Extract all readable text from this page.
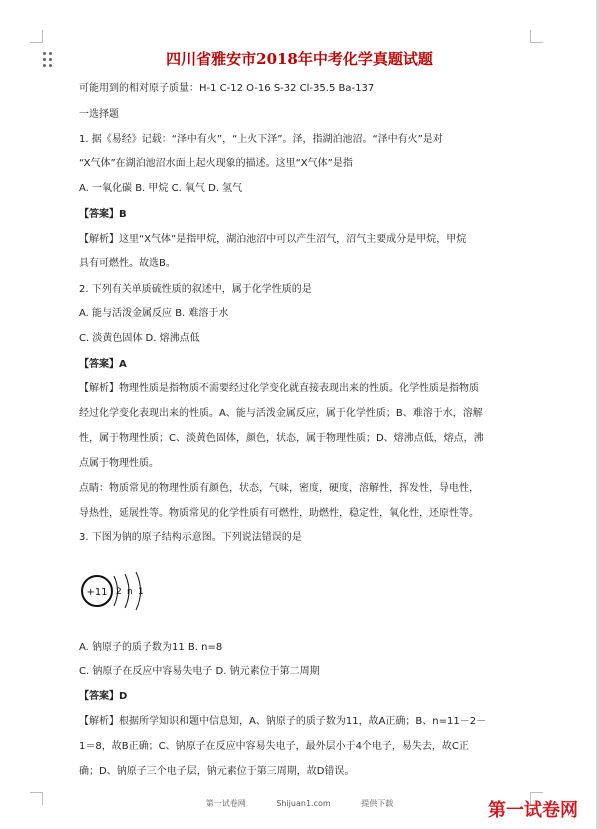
四川省雅安市2018年中考化学真题试题
可能用到的相对原子质量：H-1 C-12 O-16 S-32 Cl-35.5 Ba-137
一选择题
1. 据《易经》记载：“泽中有火”，“上火下泽”。泽，指湖泊池沼。“泽中有火”是对
“X气体”在湖泊池沼水面上起火现象的描述。这里“X气体”是指
A. 一氧化碳 B. 甲烷 C. 氧气 D. 氢气
【答案】B
【解析】这里“X气体”是指甲烷，湖泊池沼中可以产生沼气，沼气主要成分是甲烷，甲烷
具有可燃性。故选B。
2. 下列有关单质硫性质的叙述中，属于化学性质的是
A. 能与活泼金属反应 B. 难溶于水
C. 淡黄色固体 D. 熔沸点低
【答案】A
【解析】物理性质是指物质不需要经过化学变化就直接表现出来的性质。化学性质是指物质
经过化学变化表现出来的性质。A、能与活泼金属反应，属于化学性质；B、难溶于水，溶解
性，属于物理性质；C、淡黄色固体，颜色，状态，属于物理性质；D、熔沸点低，熔点，沸
点属于物理性质。
点睛：物质常见的物理性质有颜色，状态，气味，密度，硬度，溶解性，挥发性，导电性，
导热性，延展性等。物质常见的化学性质有可燃性，助燃性，稳定性，氧化性，还原性等。
3. 下图为钠的原子结构示意图。下列说法错误的是
+11 2 n 1
A. 钠原子的质子数为11 B. n=8
C. 钠原子在反应中容易失电子 D. 钠元素位于第二周期
【答案】D
【解析】根据所学知识和题中信息知，A、钠原子的质子数为11，故A正确；B、n=11－2－
1＝8，故B正确；C、钠原子在反应中容易失电子，最外层小于4个电子，易失去，故C正
确；D、钠原子三个电子层，钠元素位于第三周期，故D错误。
第一试卷网	Shijuan1.com	提供下载	第一试卷网
